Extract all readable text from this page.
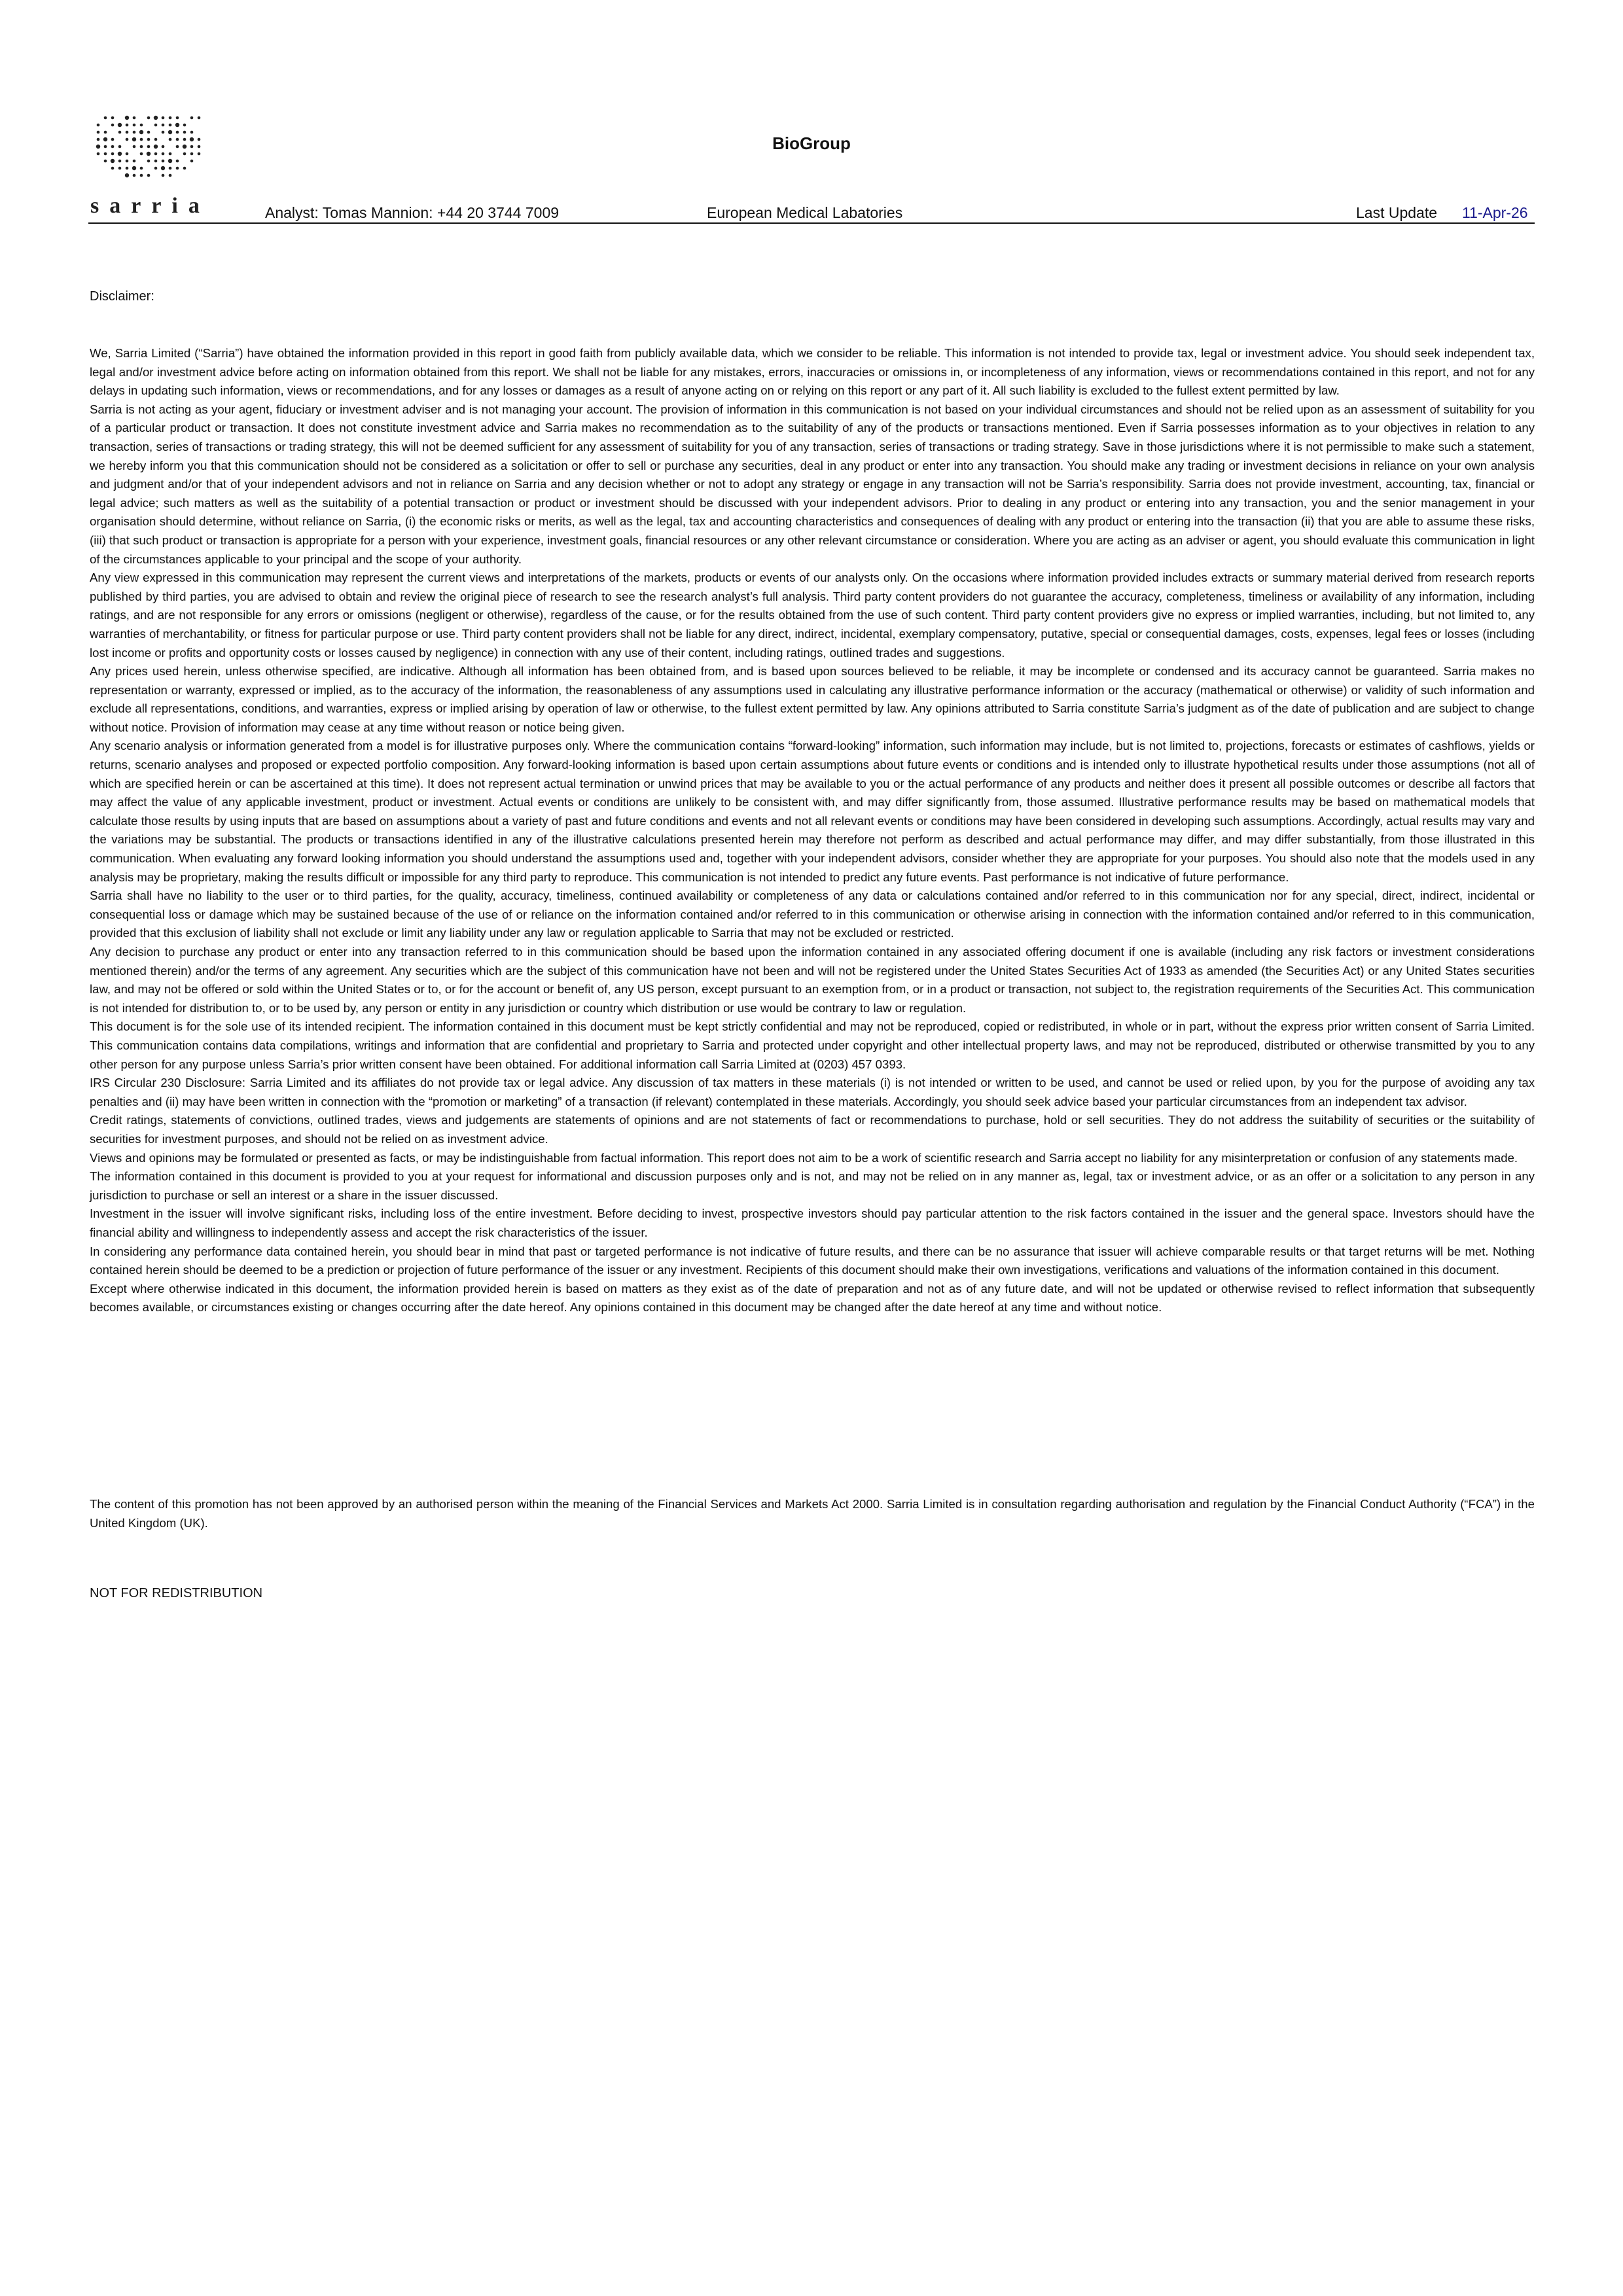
sarria
BioGroup
Analyst: Tomas Mannion: +44 20 3744 7009	European Medical Labatories	Last Update 11-Apr-26
Disclaimer:

We, Sarria Limited (“Sarria”) have obtained the information provided in this report in good faith from publicly available data, which we consider to be reliable. This information is not intended to provide tax, legal or investment advice. You should seek independent tax, legal and/or investment advice before acting on information obtained from this report. We shall not be liable for any mistakes, errors, inaccuracies or omissions in, or incompleteness of any information, views or recommendations contained in this report, and not for any delays in updating such information, views or recommendations, and for any losses or damages as a result of anyone acting on or relying on this report or any part of it. All such liability is excluded to the fullest extent permitted by law.

Sarria is not acting as your agent, fiduciary or investment adviser and is not managing your account. The provision of information in this communication is not based on your individual circumstances and should not be relied upon as an assessment of suitability for you of a particular product or transaction. It does not constitute investment advice and Sarria makes no recommendation as to the suitability of any of the products or transactions mentioned. Even if Sarria possesses information as to your objectives in relation to any transaction, series of transactions or trading strategy, this will not be deemed sufficient for any assessment of suitability for you of any transaction, series of transactions or trading strategy. Save in those jurisdictions where it is not permissible to make such a statement, we hereby inform you that this communication should not be considered as a solicitation or offer to sell or purchase any securities, deal in any product or enter into any transaction. You should make any trading or investment decisions in reliance on your own analysis and judgment and/or that of your independent advisors and not in reliance on Sarria and any decision whether or not to adopt any strategy or engage in any transaction will not be Sarria’s responsibility. Sarria does not provide investment, accounting, tax, financial or legal advice; such matters as well as the suitability of a potential transaction or product or investment should be discussed with your independent advisors. Prior to dealing in any product or entering into any transaction, you and the senior management in your organisation should determine, without reliance on Sarria, (i) the economic risks or merits, as well as the legal, tax and accounting characteristics and consequences of dealing with any product or entering into the transaction (ii) that you are able to assume these risks, (iii) that such product or transaction is appropriate for a person with your experience, investment goals, financial resources or any other relevant circumstance or consideration. Where you are acting as an adviser or agent, you should evaluate this communication in light of the circumstances applicable to your principal and the scope of your authority.

Any view expressed in this communication may represent the current views and interpretations of the markets, products or events of our analysts only. On the occasions where information provided includes extracts or summary material derived from research reports published by third parties, you are advised to obtain and review the original piece of research to see the research analyst’s full analysis. Third party content providers do not guarantee the accuracy, completeness, timeliness or availability of any information, including ratings, and are not responsible for any errors or omissions (negligent or otherwise), regardless of the cause, or for the results obtained from the use of such content. Third party content providers give no express or implied warranties, including, but not limited to, any warranties of merchantability, or fitness for particular purpose or use. Third party content providers shall not be liable for any direct, indirect, incidental, exemplary compensatory, putative, special or consequential damages, costs, expenses, legal fees or losses (including lost income or profits and opportunity costs or losses caused by negligence) in connection with any use of their content, including ratings, outlined trades and suggestions.

Any prices used herein, unless otherwise specified, are indicative. Although all information has been obtained from, and is based upon sources believed to be reliable, it may be incomplete or condensed and its accuracy cannot be guaranteed. Sarria makes no representation or warranty, expressed or implied, as to the accuracy of the information, the reasonableness of any assumptions used in calculating any illustrative performance information or the accuracy (mathematical or otherwise) or validity of such information and exclude all representations, conditions, and warranties, express or implied arising by operation of law or otherwise, to the fullest extent permitted by law. Any opinions attributed to Sarria constitute Sarria’s judgment as of the date of publication and are subject to change without notice. Provision of information may cease at any time without reason or notice being given.

Any scenario analysis or information generated from a model is for illustrative purposes only. Where the communication contains “forward-looking” information, such information may include, but is not limited to, projections, forecasts or estimates of cashflows, yields or returns, scenario analyses and proposed or expected portfolio composition. Any forward-looking information is based upon certain assumptions about future events or conditions and is intended only to illustrate hypothetical results under those assumptions (not all of which are specified herein or can be ascertained at this time). It does not represent actual termination or unwind prices that may be available to you or the actual performance of any products and neither does it present all possible outcomes or describe all factors that may affect the value of any applicable investment, product or investment. Actual events or conditions are unlikely to be consistent with, and may differ significantly from, those assumed. Illustrative performance results may be based on mathematical models that calculate those results by using inputs that are based on assumptions about a variety of past and future conditions and events and not all relevant events or conditions may have been considered in developing such assumptions. Accordingly, actual results may vary and the variations may be substantial. The products or transactions identified in any of the illustrative calculations presented herein may therefore not perform as described and actual performance may differ, and may differ substantially, from those illustrated in this communication. When evaluating any forward looking information you should understand the assumptions used and, together with your independent advisors, consider whether they are appropriate for your purposes. You should also note that the models used in any analysis may be proprietary, making the results difficult or impossible for any third party to reproduce. This communication is not intended to predict any future events. Past performance is not indicative of future performance.

Sarria shall have no liability to the user or to third parties, for the quality, accuracy, timeliness, continued availability or completeness of any data or calculations contained and/or referred to in this communication nor for any special, direct, indirect, incidental or consequential loss or damage which may be sustained because of the use of or reliance on the information contained and/or referred to in this communication or otherwise arising in connection with the information contained and/or referred to in this communication, provided that this exclusion of liability shall not exclude or limit any liability under any law or regulation applicable to Sarria that may not be excluded or restricted.

Any decision to purchase any product or enter into any transaction referred to in this communication should be based upon the information contained in any associated offering document if one is available (including any risk factors or investment considerations mentioned therein) and/or the terms of any agreement. Any securities which are the subject of this communication have not been and will not be registered under the United States Securities Act of 1933 as amended (the Securities Act) or any United States securities law, and may not be offered or sold within the United States or to, or for the account or benefit of, any US person, except pursuant to an exemption from, or in a product or transaction, not subject to, the registration requirements of the Securities Act. This communication is not intended for distribution to, or to be used by, any person or entity in any jurisdiction or country which distribution or use would be contrary to law or regulation.

This document is for the sole use of its intended recipient. The information contained in this document must be kept strictly confidential and may not be reproduced, copied or redistributed, in whole or in part, without the express prior written consent of Sarria Limited. This communication contains data compilations, writings and information that are confidential and proprietary to Sarria and protected under copyright and other intellectual property laws, and may not be reproduced, distributed or otherwise transmitted by you to any other person for any purpose unless Sarria’s prior written consent have been obtained. For additional information call Sarria Limited at (0203) 457 0393.

IRS Circular 230 Disclosure: Sarria Limited and its affiliates do not provide tax or legal advice. Any discussion of tax matters in these materials (i) is not intended or written to be used, and cannot be used or relied upon, by you for the purpose of avoiding any tax penalties and (ii) may have been written in connection with the “promotion or marketing” of a transaction (if relevant) contemplated in these materials. Accordingly, you should seek advice based your particular circumstances from an independent tax advisor.

Credit ratings, statements of convictions, outlined trades, views and judgements are statements of opinions and are not statements of fact or recommendations to purchase, hold or sell securities. They do not address the suitability of securities or the suitability of securities for investment purposes, and should not be relied on as investment advice.

Views and opinions may be formulated or presented as facts, or may be indistinguishable from factual information. This report does not aim to be a work of scientific research and Sarria accept no liability for any misinterpretation or confusion of any statements made.

The information contained in this document is provided to you at your request for informational and discussion purposes only and is not, and may not be relied on in any manner as, legal, tax or investment advice, or as an offer or a solicitation to any person in any jurisdiction to purchase or sell an interest or a share in the issuer discussed.

Investment in the issuer will involve significant risks, including loss of the entire investment. Before deciding to invest, prospective investors should pay particular attention to the risk factors contained in the issuer and the general space. Investors should have the financial ability and willingness to independently assess and accept the risk characteristics of the issuer.

In considering any performance data contained herein, you should bear in mind that past or targeted performance is not indicative of future results, and there can be no assurance that issuer will achieve comparable results or that target returns will be met. Nothing contained herein should be deemed to be a prediction or projection of future performance of the issuer or any investment. Recipients of this document should make their own investigations, verifications and valuations of the information contained in this document.

Except where otherwise indicated in this document, the information provided herein is based on matters as they exist as of the date of preparation and not as of any future date, and will not be updated or otherwise revised to reflect information that subsequently becomes available, or circumstances existing or changes occurring after the date hereof. Any opinions contained in this document may be changed after the date hereof at any time and without notice.

The content of this promotion has not been approved by an authorised person within the meaning of the Financial Services and Markets Act 2000. Sarria Limited is in consultation regarding authorisation and regulation by the Financial Conduct Authority (“FCA”) in the United Kingdom (UK).
NOT FOR REDISTRIBUTION
